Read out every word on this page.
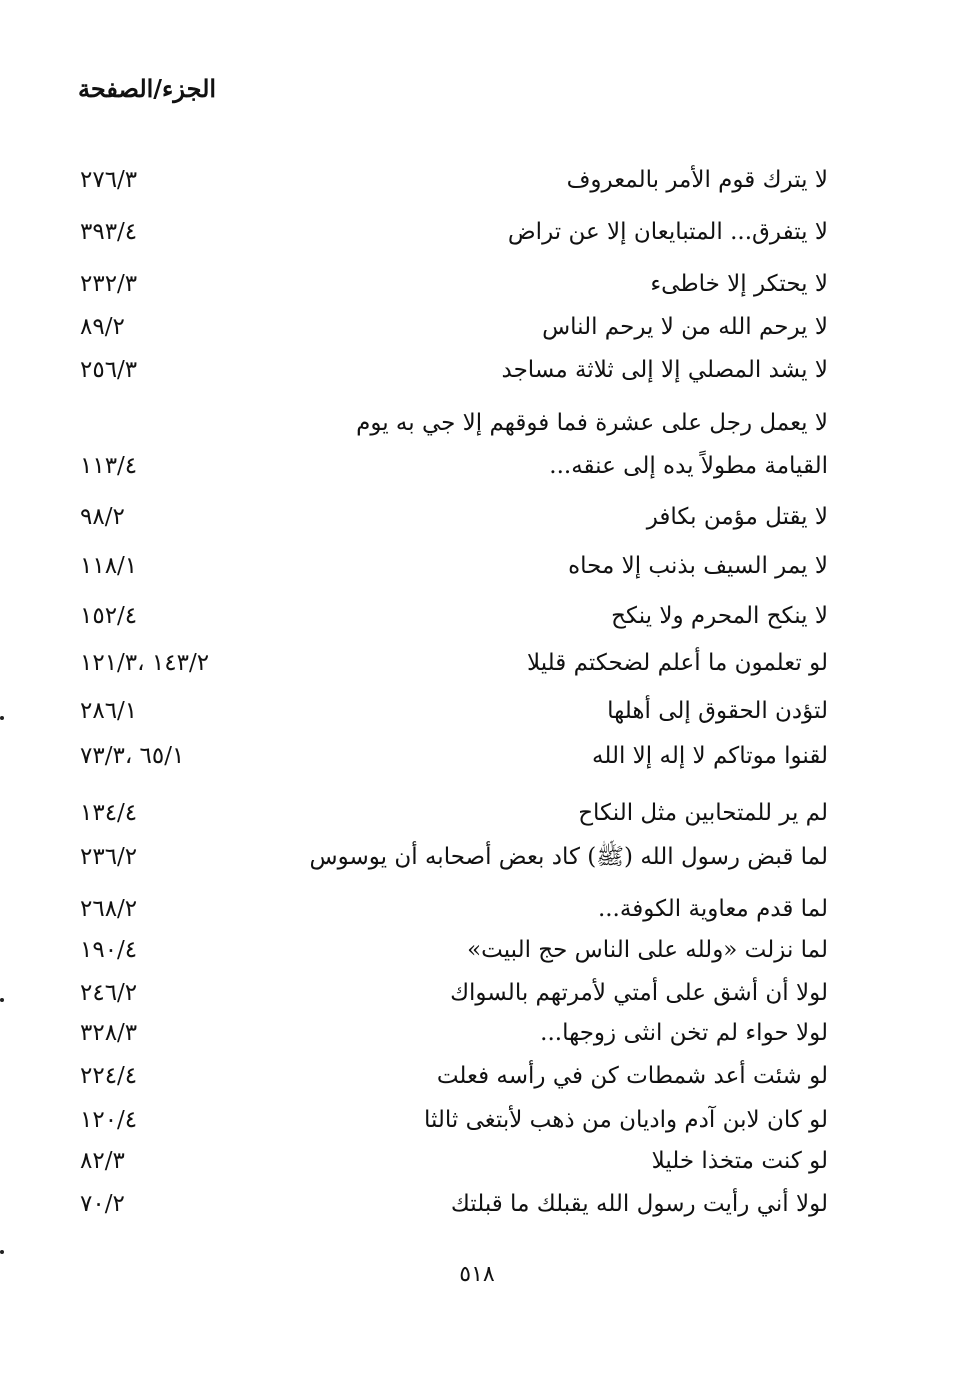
الجزء/الصفحة
لا يترك قوم الأمر بالمعروف
٢٧٦/٣
لا يتفرق... المتبايعان إلا عن تراض
٣٩٣/٤
لا يحتكر إلا خاطىء
٢٣٢/٣
لا يرحم الله من لا يرحم الناس
٨٩/٢
لا يشد المصلي إلا إلى ثلاثة مساجد
٢٥٦/٣
لا يعمل رجل على عشرة فما فوقهم إلا جي به يوم
القيامة مطولاً يده إلى عنقه...
١١٣/٤
لا يقتل مؤمن بكافر
٩٨/٢
لا يمر السيف بذنب إلا محاه
١١٨/١
لا ينكح المحرم ولا ينكح
١٥٢/٤
لو تعلمون ما أعلم لضحكتم قليلا
١٤٣/٢ ،١٢١/٣
لتؤدن الحقوق إلى أهلها
٢٨٦/١
لقنوا موتاكم لا إله إلا الله
٦٥/١ ،٧٣/٣
لم ير للمتحابين مثل النكاح
١٣٤/٤
لما قبض رسول الله (ﷺ) كاد بعض أصحابه أن يوسوس
٢٣٦/٢
لما قدم معاوية الكوفة...
٢٦٨/٢
لما نزلت «ولله على الناس حج البيت»
١٩٠/٤
لولا أن أشق على أمتي لأمرتهم بالسواك
٢٤٦/٢
لولا حواء لم تخن انثى زوجها...
٣٢٨/٣
لو شئت أعد شمطات كن في رأسه فعلت
٢٢٤/٤
لو كان لابن آدم واديان من ذهب لأبتغى ثالثا
١٢٠/٤
لو كنت متخذا خليلا
٨٢/٣
لولا أني رأيت رسول الله يقبلك ما قبلتك
٧٠/٢
٥١٨
